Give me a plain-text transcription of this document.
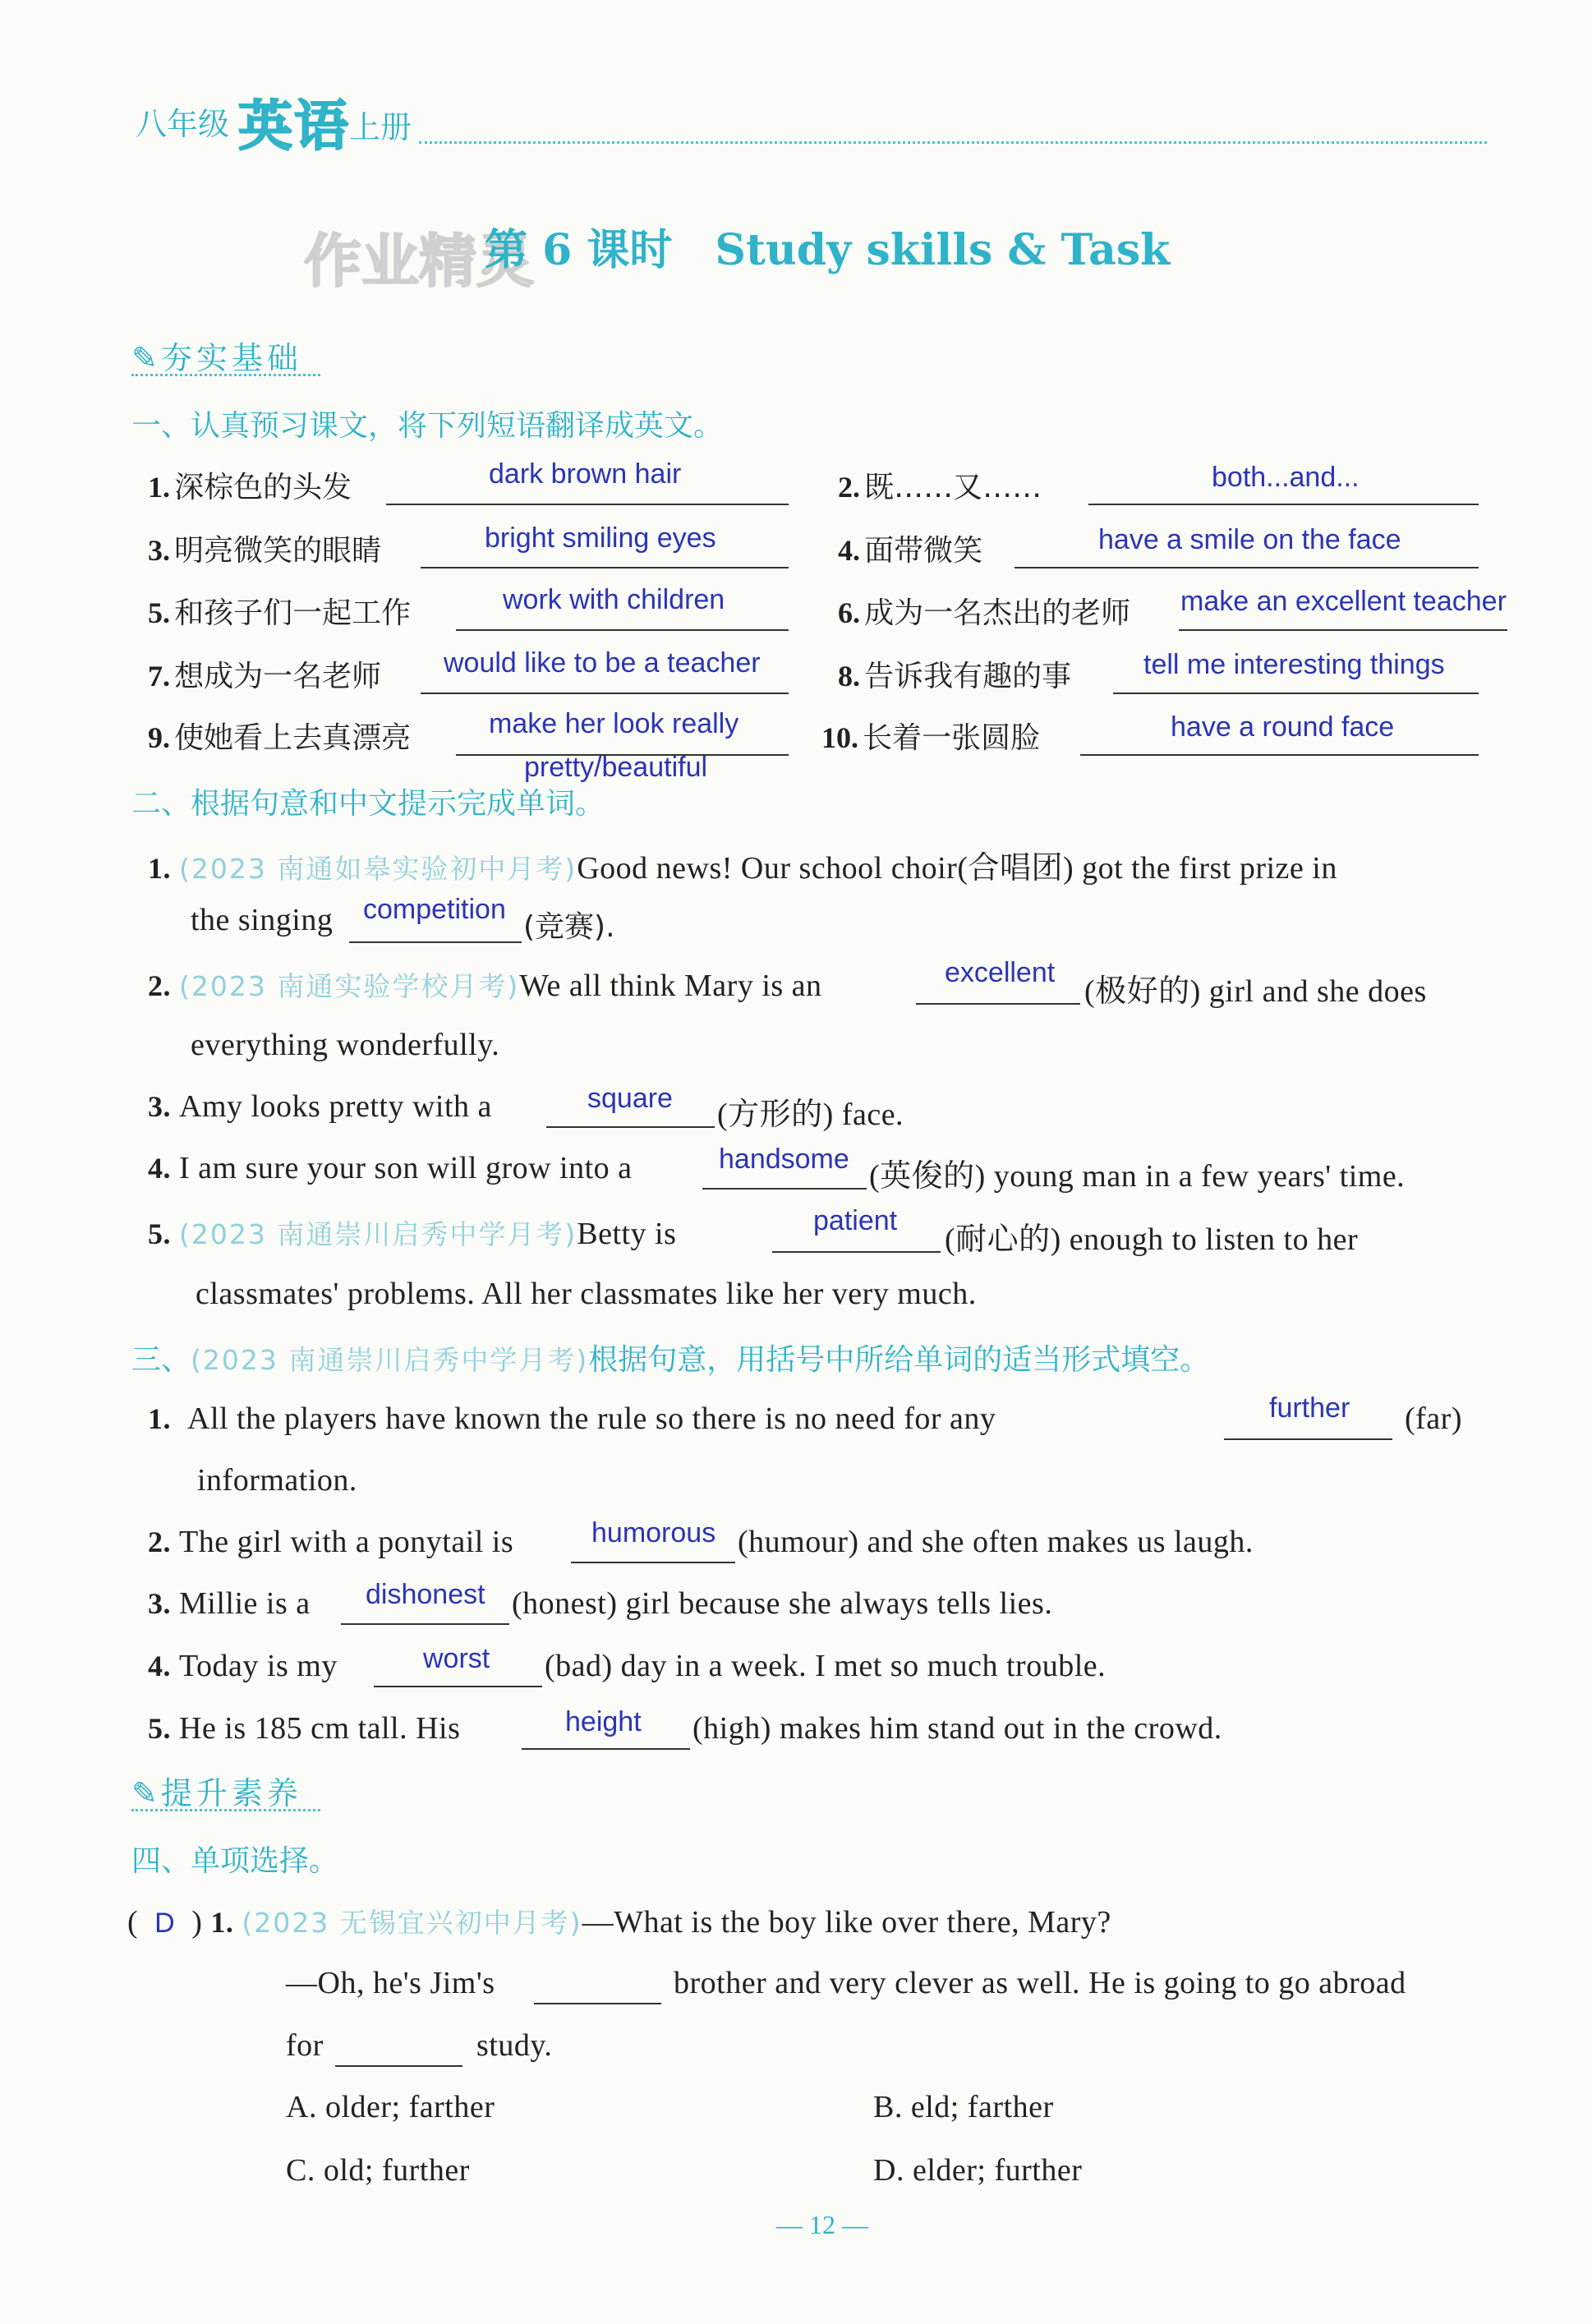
八年级 英语 上册
作业精灵
第 6 课时　Study skills & Task
✎ 夯实基础
一、认真预习课文，将下列短语翻译成英文。
1. 深棕色的头发	dark brown hair	2. 既……又……	both...and...
3. 明亮微笑的眼睛	bright smiling eyes	4. 面带微笑	have a smile on the face
5. 和孩子们一起工作	work with children	6. 成为一名杰出的老师 make an excellent teacher
7. 想成为一名老师 would like to be a teacher	8. 告诉我有趣的事	tell me interesting things
9. 使她看上去真漂亮	make her look really
pretty/beautiful
10. 长着一张圆脸	have a round face
二、根据句意和中文提示完成单词。
1. (2023 南通如皋实验初中月考)Good news! Our school choir(合唱团) got the first prize in
the singing competition
(竞赛).
2. (2023 南通实验学校月考)We all think Mary is an	excellent
(极好的) girl and she does
everything wonderfully.
3. Amy looks pretty with a	square (方形的) face.
4. I am sure your son will grow into a	handsome (英俊的) young man in a few years' time.
5. (2023 南通崇川启秀中学月考)Betty is	patient
(耐心的) enough to listen to her
classmates' problems. All her classmates like her very much.
三、(2023 南通崇川启秀中学月考)根据句意，用括号中所给单词的适当形式填空。
1. All the players have known the rule so there is no need for any	further (far)
information.
2. The girl with a ponytail is	humorous (humour) and she often makes us laugh.
3. Millie is a dishonest (honest) girl because she always tells lies.
4. Today is my	worst (bad) day in a week. I met so much trouble.
5. He is 185 cm tall. His	height (high) makes him stand out in the crowd.
✎ 提升素养
四、单项选择。
( D ) 1. (2023 无锡宜兴初中月考)—What is the boy like over there, Mary?
—Oh, he's Jim's	brother and very clever as well. He is going to go abroad
for	study.
A. older; farther	B. eld; farther
C. old; further	D. elder; further
— 12 —
